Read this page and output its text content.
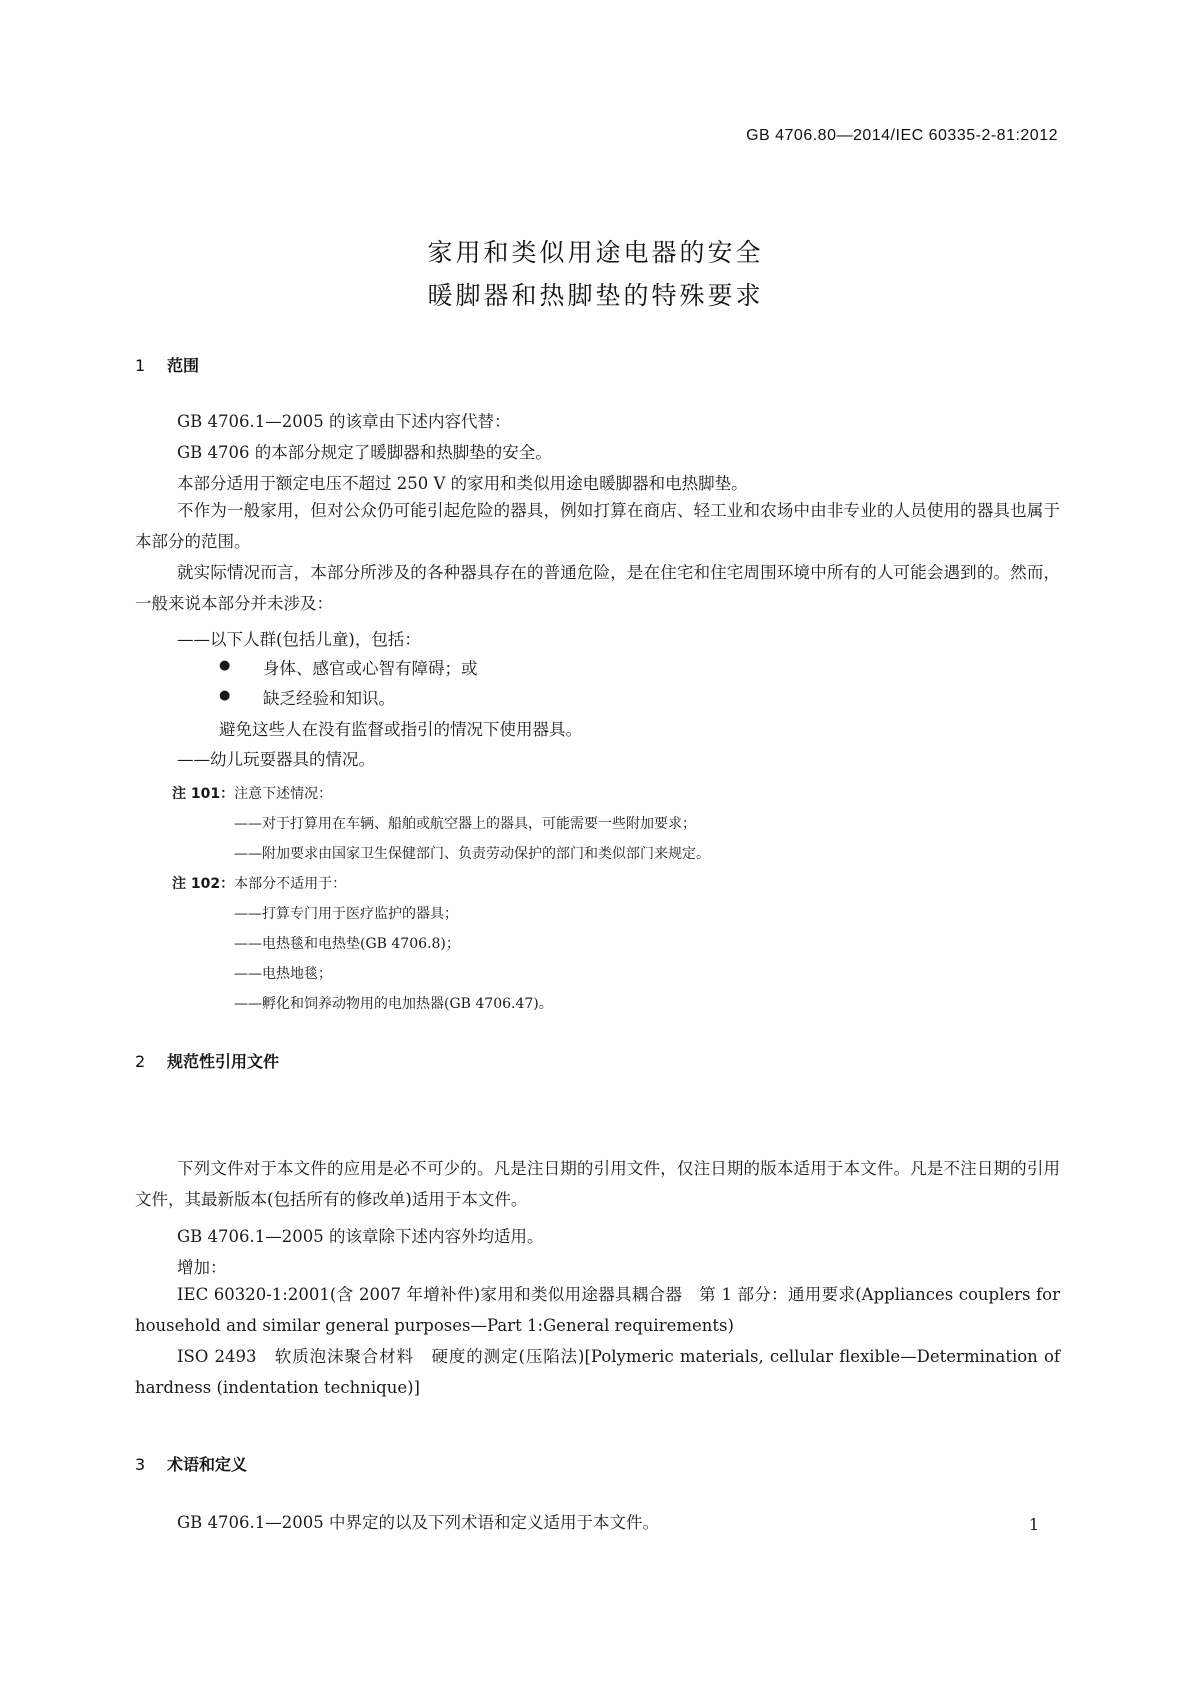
GB 4706.80—2014/IEC 60335-2-81:2012
家用和类似用途电器的安全
暖脚器和热脚垫的特殊要求
1 范围
GB 4706.1—2005 的该章由下述内容代替：
GB 4706 的本部分规定了暖脚器和热脚垫的安全。
本部分适用于额定电压不超过 250 V 的家用和类似用途电暖脚器和电热脚垫。
不作为一般家用，但对公众仍可能引起危险的器具，例如打算在商店、轻工业和农场中由非专业的人员使用的器具也属于本部分的范围。
就实际情况而言，本部分所涉及的各种器具存在的普通危险，是在住宅和住宅周围环境中所有的人可能会遇到的。然而，一般来说本部分并未涉及：
——以下人群(包括儿童)，包括：
● 身体、感官或心智有障碍；或
● 缺乏经验和知识。
避免这些人在没有监督或指引的情况下使用器具。
——幼儿玩耍器具的情况。
注 101：注意下述情况：
——对于打算用在车辆、船舶或航空器上的器具，可能需要一些附加要求；
——附加要求由国家卫生保健部门、负责劳动保护的部门和类似部门来规定。
注 102：本部分不适用于：
——打算专门用于医疗监护的器具；
——电热毯和电热垫(GB 4706.8)；
——电热地毯；
——孵化和饲养动物用的电加热器(GB 4706.47)。
2 规范性引用文件
下列文件对于本文件的应用是必不可少的。凡是注日期的引用文件，仅注日期的版本适用于本文件。凡是不注日期的引用文件，其最新版本(包括所有的修改单)适用于本文件。
GB 4706.1—2005 的该章除下述内容外均适用。
增加：
IEC 60320-1:2001(含 2007 年增补件)家用和类似用途器具耦合器　第 1 部分：通用要求(Appliances couplers for household and similar general purposes—Part 1:General requirements)
ISO 2493　软质泡沫聚合材料　硬度的测定(压陷法)[Polymeric materials, cellular flexible—Determination of hardness (indentation technique)]
3 术语和定义
GB 4706.1—2005 中界定的以及下列术语和定义适用于本文件。	1
